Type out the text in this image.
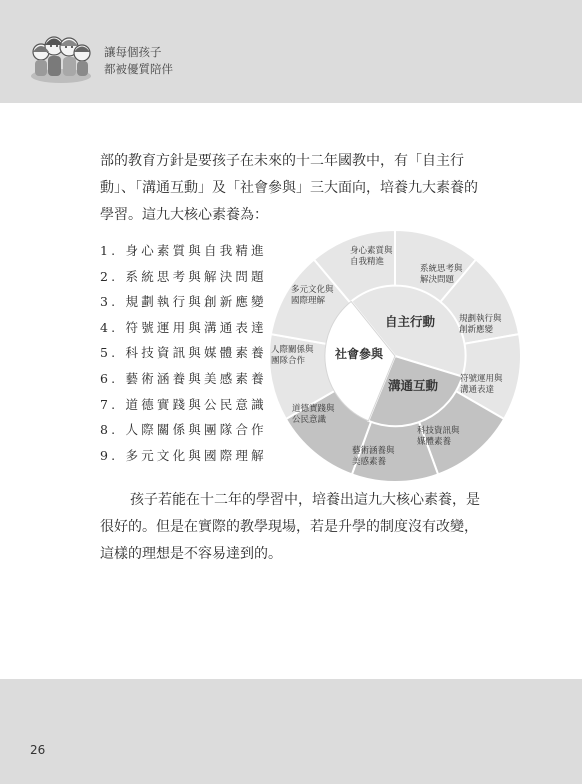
讓每個孩子
都被優質陪伴

部的教育方針是要孩子在未來的十二年國教中，有「自主行動」、「溝通互動」及「社會參與」三大面向，培養九大素養的學習。這九大核心素養為：

1. 身心素質與自我精進
2. 系統思考與解決問題
3. 規劃執行與創新應變
4. 符號運用與溝通表達
5. 科技資訊與媒體素養
6. 藝術涵養與美感素養
7. 道德實踐與公民意識
8. 人際關係與團隊合作
9. 多元文化與國際理解
自主行動
溝通互動
社會參與
身心素質與自我精進
系統思考與解決問題
規劃執行與創新應變
符號運用與溝通表達
科技資訊與媒體素養
藝術涵養與美感素養
道德實踐與公民意識
人際關係與團隊合作
多元文化與國際理解

孩子若能在十二年的學習中，培養出這九大核心素養，是很好的。但是在實際的教學現場，若是升學的制度沒有改變，這樣的理想是不容易達到的。

26
